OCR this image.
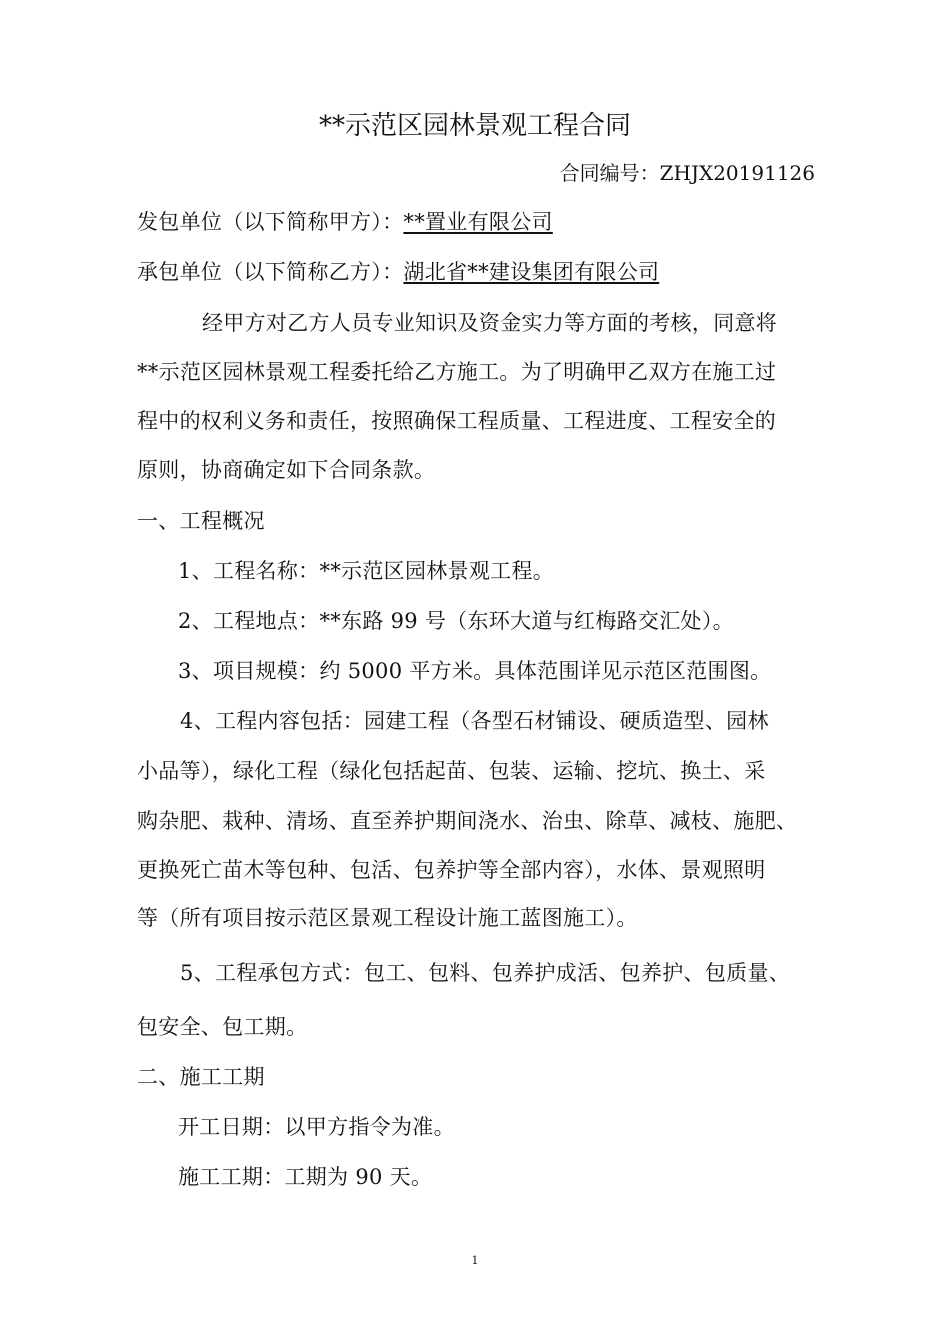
**示范区园林景观工程合同
合同编号：ZHJX20191126
发包单位（以下简称甲方）：**置业有限公司
承包单位（以下简称乙方）：湖北省**建设集团有限公司
经甲方对乙方人员专业知识及资金实力等方面的考核，同意将
**示范区园林景观工程委托给乙方施工。为了明确甲乙双方在施工过
程中的权利义务和责任，按照确保工程质量、工程进度、工程安全的
原则，协商确定如下合同条款。
一、工程概况
1、工程名称：**示范区园林景观工程。
2、工程地点：**东路 99 号（东环大道与红梅路交汇处）。
3、项目规模：约 5000 平方米。具体范围详见示范区范围图。
4、工程内容包括：园建工程（各型石材铺设、硬质造型、园林
小品等），绿化工程（绿化包括起苗、包装、运输、挖坑、换土、采
购杂肥、栽种、清场、直至养护期间浇水、治虫、除草、减枝、施肥、
更换死亡苗木等包种、包活、包养护等全部内容），水体、景观照明
等（所有项目按示范区景观工程设计施工蓝图施工）。
5、工程承包方式：包工、包料、包养护成活、包养护、包质量、
包安全、包工期。
二、施工工期
开工日期：以甲方指令为准。
施工工期：工期为 90 天。
1
